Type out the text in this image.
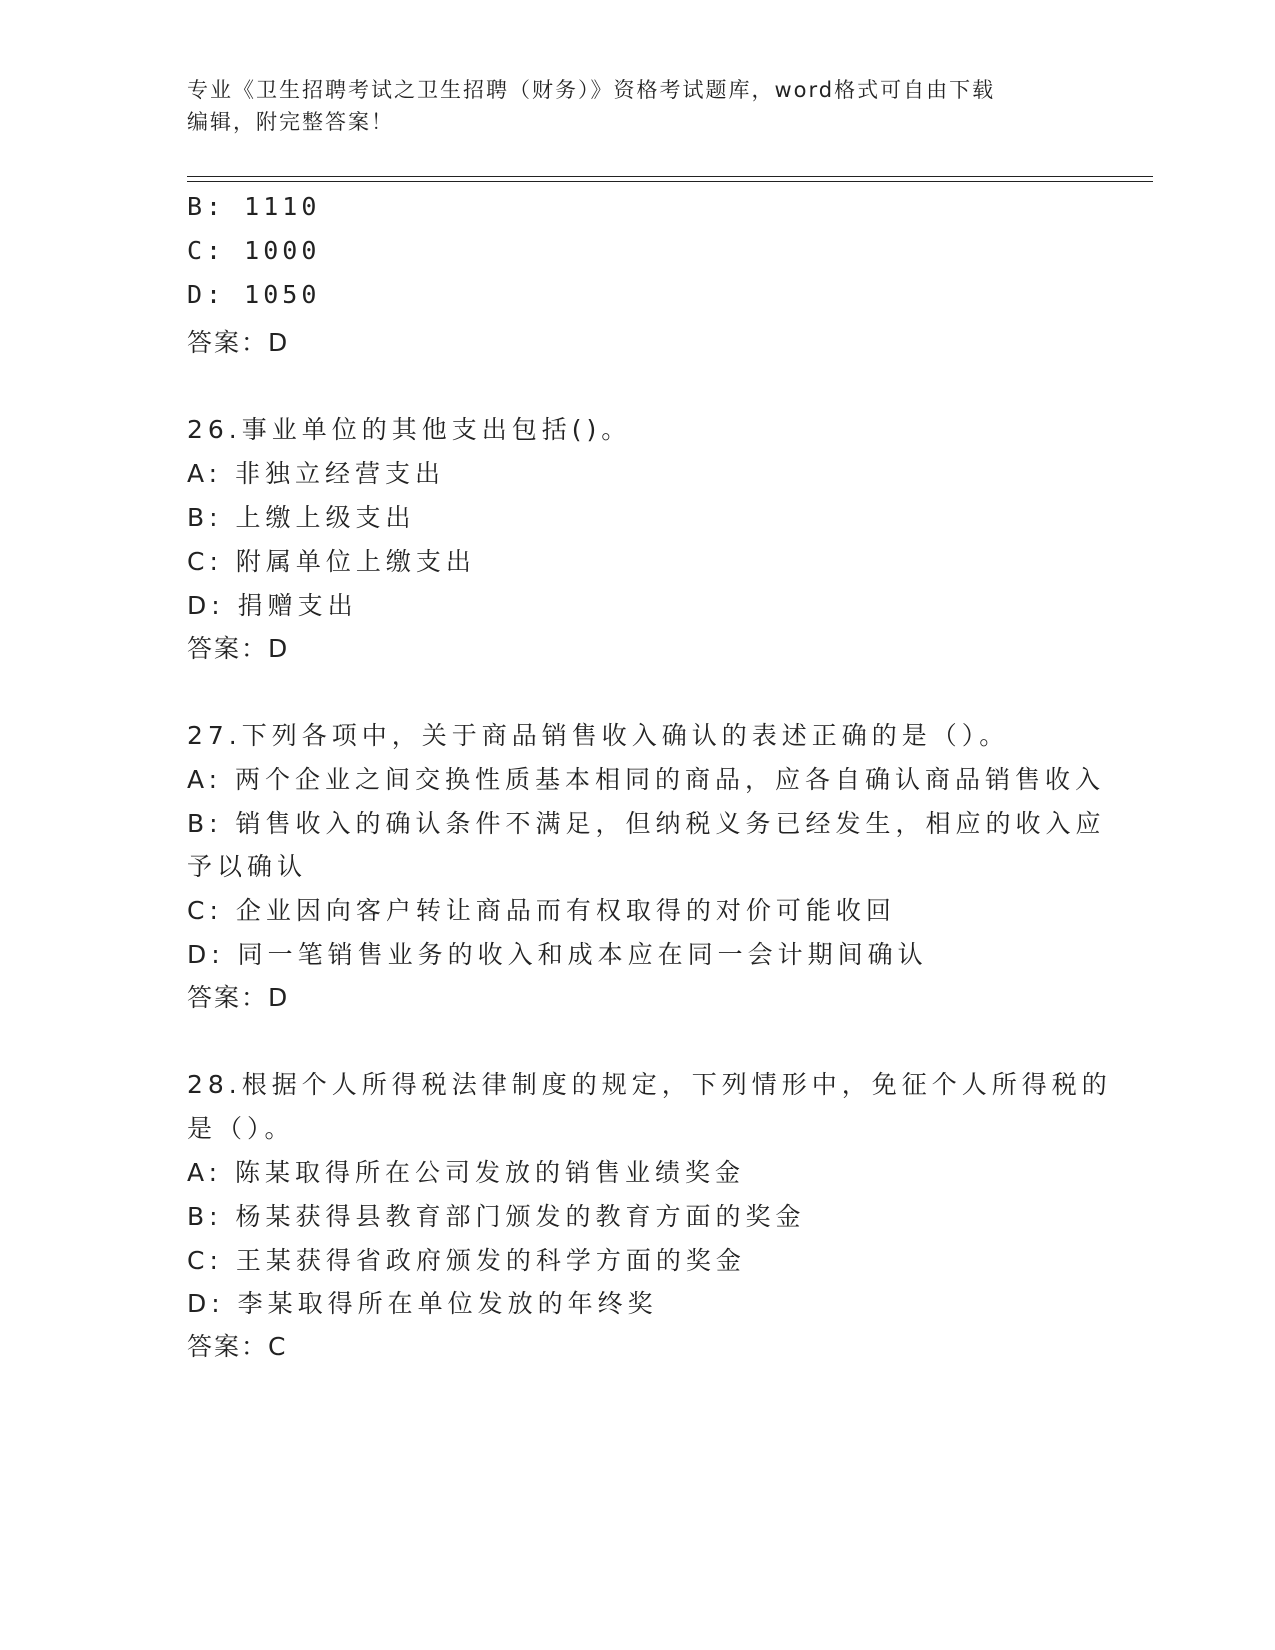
专业《卫生招聘考试之卫生招聘（财务）》资格考试题库，word格式可自由下载
编辑，附完整答案！
B: 1110
C: 1000
D: 1050
答案：D
26.事业单位的其他支出包括()。
A: 非独立经营支出
B: 上缴上级支出
C: 附属单位上缴支出
D: 捐赠支出
答案：D
27.下列各项中，关于商品销售收入确认的表述正确的是（）。
A: 两个企业之间交换性质基本相同的商品，应各自确认商品销售收入
B: 销售收入的确认条件不满足，但纳税义务已经发生，相应的收入应
予以确认
C: 企业因向客户转让商品而有权取得的对价可能收回
D: 同一笔销售业务的收入和成本应在同一会计期间确认
答案：D
28.根据个人所得税法律制度的规定，下列情形中，免征个人所得税的
是（）。
A: 陈某取得所在公司发放的销售业绩奖金
B: 杨某获得县教育部门颁发的教育方面的奖金
C: 王某获得省政府颁发的科学方面的奖金
D: 李某取得所在单位发放的年终奖
答案：C
